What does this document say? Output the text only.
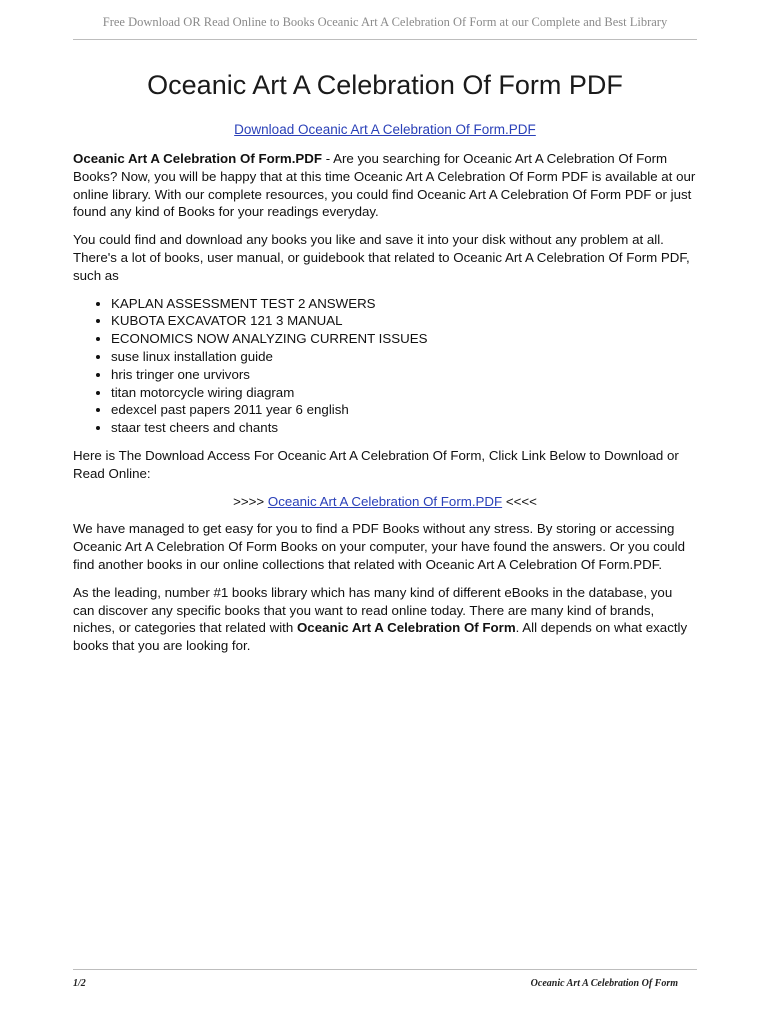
Free Download OR Read Online to Books Oceanic Art A Celebration Of Form at our Complete and Best Library
Oceanic Art A Celebration Of Form PDF
Download Oceanic Art A Celebration Of Form.PDF

Oceanic Art A Celebration Of Form.PDF - Are you searching for Oceanic Art A Celebration Of Form Books? Now, you will be happy that at this time Oceanic Art A Celebration Of Form PDF is available at our online library. With our complete resources, you could find Oceanic Art A Celebration Of Form PDF or just found any kind of Books for your readings everyday.

You could find and download any books you like and save it into your disk without any problem at all. There's a lot of books, user manual, or guidebook that related to Oceanic Art A Celebration Of Form PDF, such as

• KAPLAN ASSESSMENT TEST 2 ANSWERS
• KUBOTA EXCAVATOR 121 3 MANUAL
• ECONOMICS NOW ANALYZING CURRENT ISSUES
• suse linux installation guide
• hris tringer one urvivors
• titan motorcycle wiring diagram
• edexcel past papers 2011 year 6 english
• staar test cheers and chants

Here is The Download Access For Oceanic Art A Celebration Of Form, Click Link Below to Download or Read Online:

>>>> Oceanic Art A Celebration Of Form.PDF <<<<

We have managed to get easy for you to find a PDF Books without any stress. By storing or accessing Oceanic Art A Celebration Of Form Books on your computer, your have found the answers. Or you could find another books in our online collections that related with Oceanic Art A Celebration Of Form.PDF.

As the leading, number #1 books library which has many kind of different eBooks in the database, you can discover any specific books that you want to read online today. There are many kind of brands, niches, or categories that related with Oceanic Art A Celebration Of Form. All depends on what exactly books that you are looking for.

1/2	Oceanic Art A Celebration Of Form
